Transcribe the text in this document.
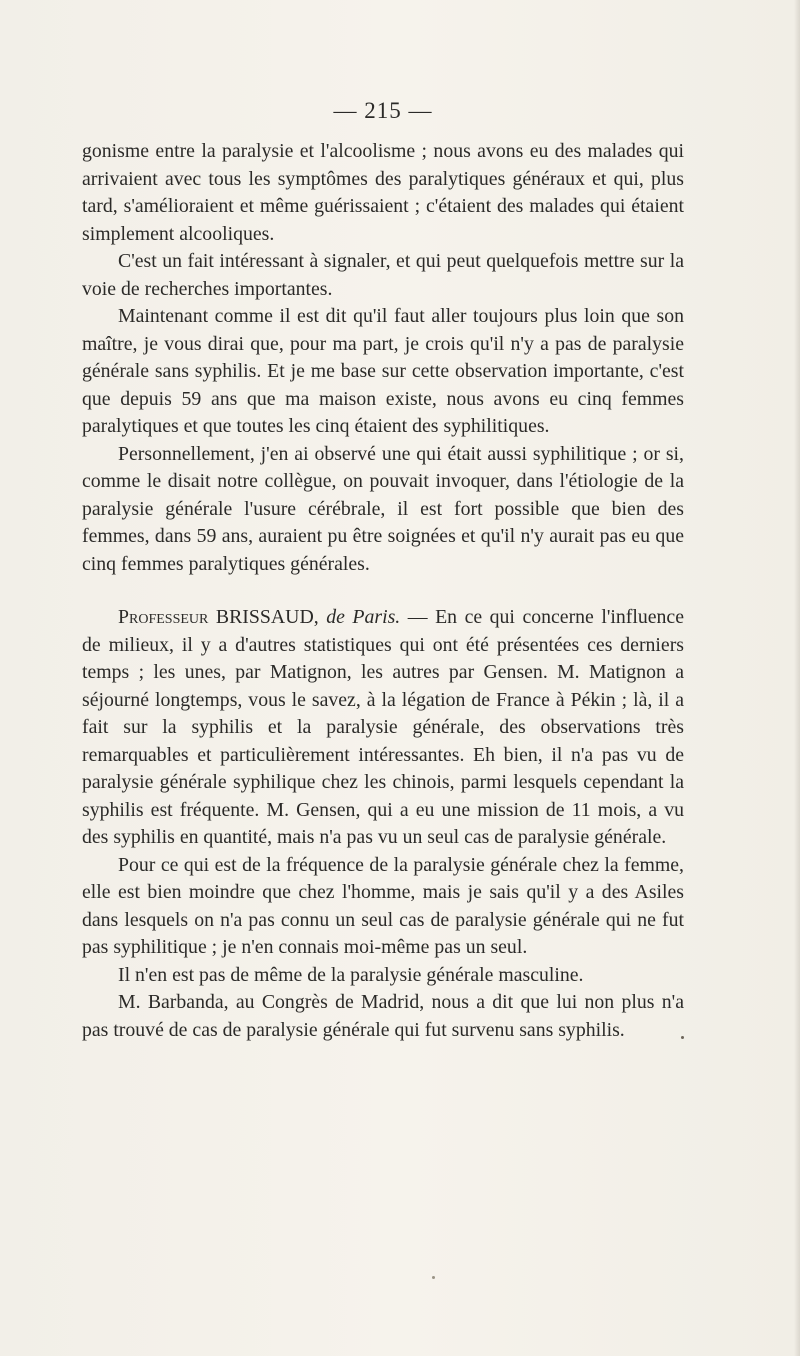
— 215 —

gonisme entre la paralysie et l'alcoolisme ; nous avons eu des malades qui arrivaient avec tous les symptômes des paralytiques généraux et qui, plus tard, s'amélioraient et même guérissaient ; c'étaient des malades qui étaient simplement alcooliques.

C'est un fait intéressant à signaler, et qui peut quelquefois mettre sur la voie de recherches importantes.

Maintenant comme il est dit qu'il faut aller toujours plus loin que son maître, je vous dirai que, pour ma part, je crois qu'il n'y a pas de paralysie générale sans syphilis. Et je me base sur cette observation importante, c'est que depuis 59 ans que ma maison existe, nous avons eu cinq femmes paralytiques et que toutes les cinq étaient des syphilitiques.

Personnellement, j'en ai observé une qui était aussi syphilitique ; or si, comme le disait notre collègue, on pouvait invoquer, dans l'étiologie de la paralysie générale l'usure cérébrale, il est fort possible que bien des femmes, dans 59 ans, auraient pu être soignées et qu'il n'y aurait pas eu que cinq femmes paralytiques générales.

Professeur BRISSAUD, de Paris. — En ce qui concerne l'influence de milieux, il y a d'autres statistiques qui ont été présentées ces derniers temps ; les unes, par Matignon, les autres par Gensen. M. Matignon a séjourné longtemps, vous le savez, à la légation de France à Pékin ; là, il a fait sur la syphilis et la paralysie générale, des observations très remarquables et particulièrement intéressantes. Eh bien, il n'a pas vu de paralysie générale syphilique chez les chinois, parmi lesquels cependant la syphilis est fréquente. M. Gensen, qui a eu une mission de 11 mois, a vu des syphilis en quantité, mais n'a pas vu un seul cas de paralysie générale.

Pour ce qui est de la fréquence de la paralysie générale chez la femme, elle est bien moindre que chez l'homme, mais je sais qu'il y a des Asiles dans lesquels on n'a pas connu un seul cas de paralysie générale qui ne fut pas syphilitique ; je n'en connais moi-même pas un seul.

Il n'en est pas de même de la paralysie générale masculine.

M. Barbanda, au Congrès de Madrid, nous a dit que lui non plus n'a pas trouvé de cas de paralysie générale qui fut survenu sans syphilis.
